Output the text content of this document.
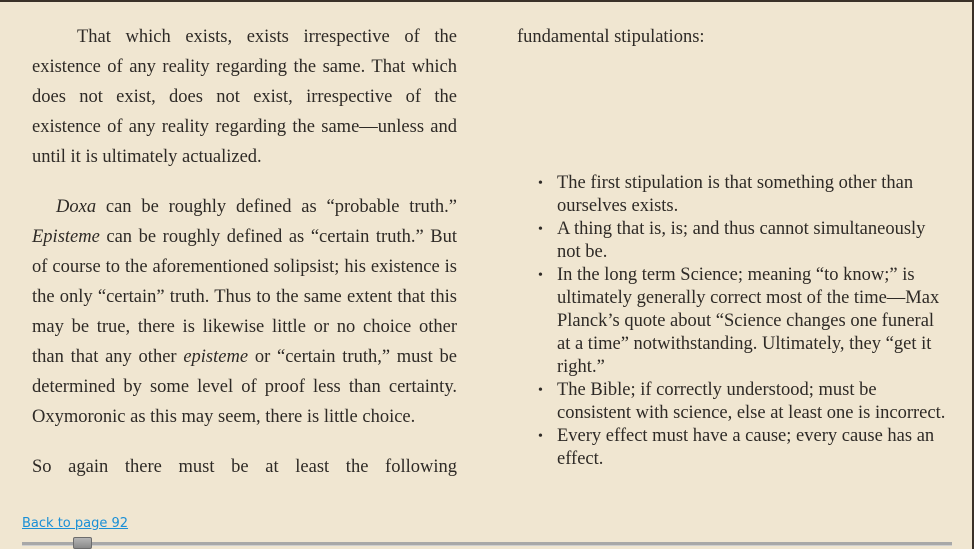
That which exists, exists irrespective of the existence of any reality regarding the same. That which does not exist, does not exist, irrespective of the existence of any reality regarding the same—unless and until it is ultimately actualized.

Doxa can be roughly defined as “probable truth.” Episteme can be roughly defined as “certain truth.” But of course to the aforementioned solipsist; his existence is the only “certain” truth. Thus to the same extent that this may be true, there is likewise little or no choice other than that any other episteme or “certain truth,” must be determined by some level of proof less than certainty. Oxymoronic as this may seem, there is little choice.

So again there must be at least the following

fundamental stipulations:

• The first stipulation is that something other than ourselves exists.
• A thing that is, is; and thus cannot simultaneously not be.
• In the long term Science; meaning “to know;” is ultimately generally correct most of the time—Max Planck’s quote about “Science changes one funeral at a time” notwithstanding. Ultimately, they “get it right.”
• The Bible; if correctly understood; must be consistent with science, else at least one is incorrect.
• Every effect must have a cause; every cause has an effect.
Back to page 92
